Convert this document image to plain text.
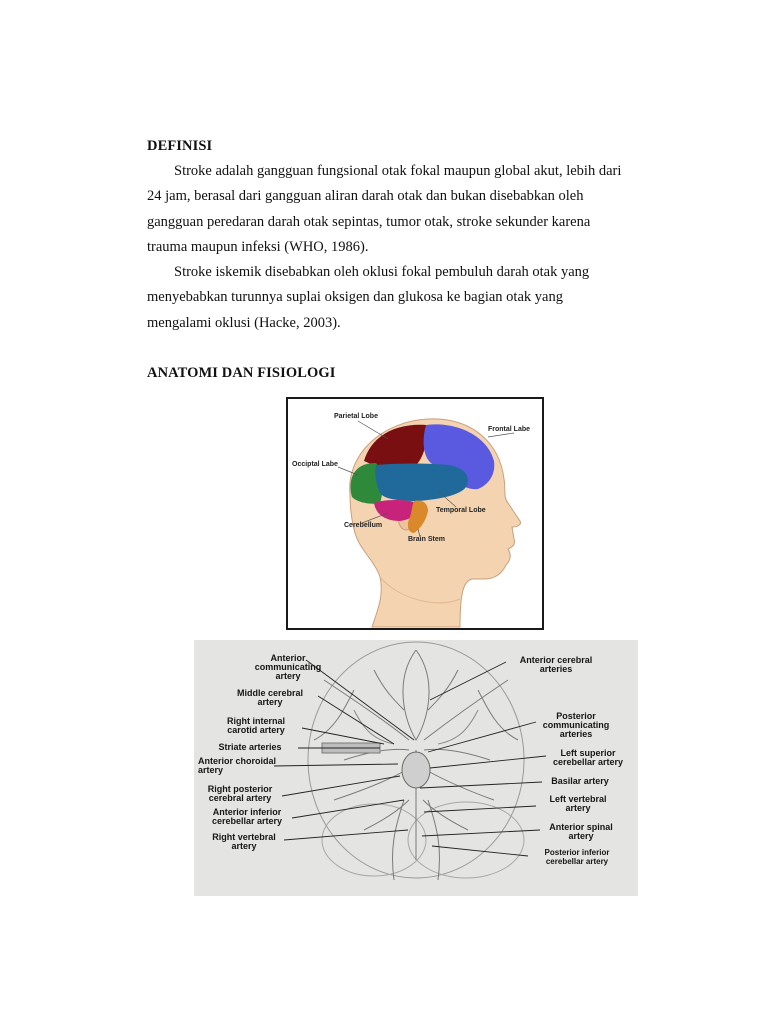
DEFINISI
Stroke adalah gangguan fungsional otak fokal maupun global akut, lebih dari
24 jam, berasal dari gangguan aliran darah otak dan bukan disebabkan oleh
gangguan peredaran darah otak sepintas, tumor otak, stroke sekunder karena
trauma maupun infeksi (WHO, 1986).
Stroke iskemik disebabkan oleh oklusi fokal pembuluh darah otak yang
menyebabkan turunnya suplai oksigen dan glukosa ke bagian otak yang
mengalami oklusi (Hacke, 2003).
ANATOMI DAN FISIOLOGI
Parietal Lobe
Frontal Labe
Occiptal Labe
Temporal Lobe
Cerebellum
Brain Stem
Anterior
communicating
artery
Middle cerebral
artery
Right internal
carotid artery
Striate arteries
Anterior choroidal
artery
Right posterior
cerebral artery
Anterior inferior
cerebellar artery
Right vertebral
artery
Anterior cerebral
arteries
Posterior
communicating
arteries
Left superior
cerebellar artery
Basilar artery
Left vertebral
artery
Anterior spinal
artery
Posterior inferior
cerebellar artery
